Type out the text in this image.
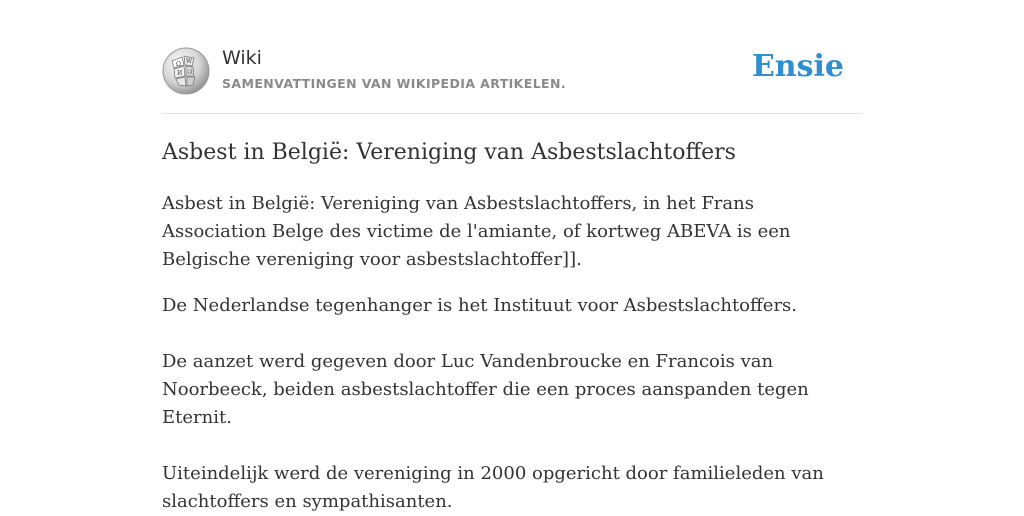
Ω W
И ほ
Wiki
SAMENVATTINGEN VAN WIKIPEDIA ARTIKELEN.	Ensie
Asbest in België: Vereniging van Asbestslachtoffers

Asbest in België: Vereniging van Asbestslachtoffers, in het Frans Association Belge des victime de l'amiante, of kortweg ABEVA is een Belgische vereniging voor asbestslachtoffer]].

De Nederlandse tegenhanger is het Instituut voor Asbestslachtoffers.

De aanzet werd gegeven door Luc Vandenbroucke en Francois van Noorbeeck, beiden asbestslachtoffer die een proces aanspanden tegen Eternit.

Uiteindelijk werd de vereniging in 2000 opgericht door familieleden van slachtoffers en sympathisanten.
